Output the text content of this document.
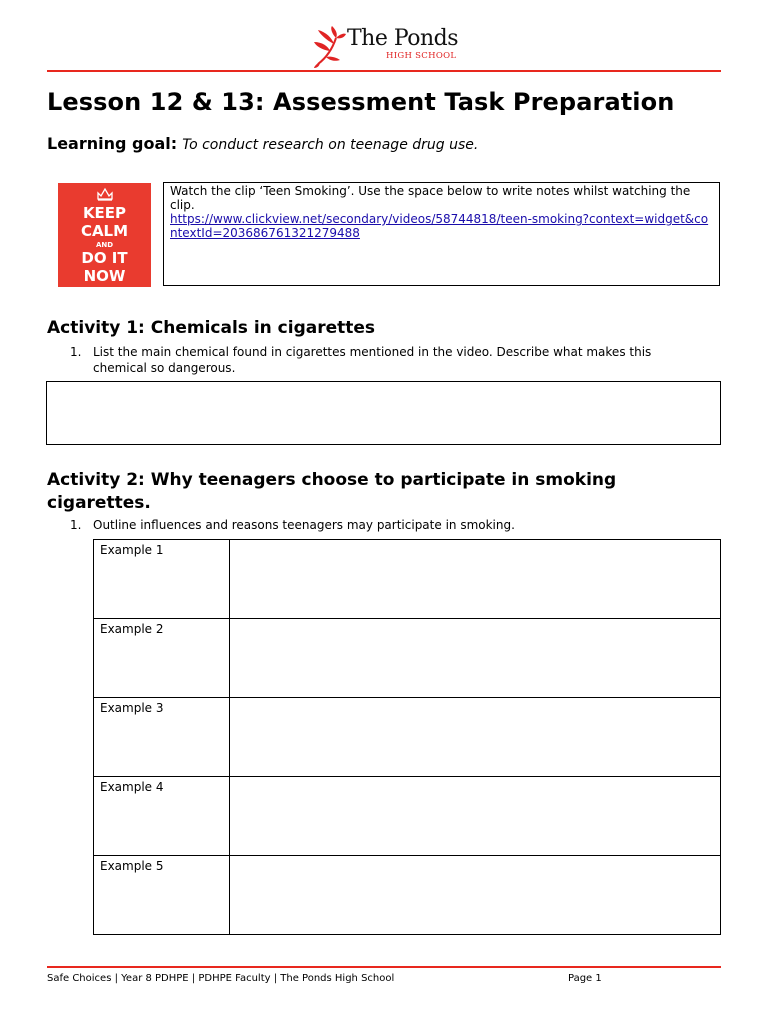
The Ponds
HIGH SCHOOL
Lesson 12 & 13: Assessment Task Preparation
Learning goal: To conduct research on teenage drug use.
KEEP
CALM
AND
DO IT
NOW
Watch the clip ‘Teen Smoking’. Use the space below to write notes whilst watching the clip.
https://www.clickview.net/secondary/videos/58744818/teen-smoking?context=widget&contextId=203686761321279488
Activity 1: Chemicals in cigarettes
1. List the main chemical found in cigarettes mentioned in the video. Describe what makes this chemical so dangerous.
Activity 2: Why teenagers choose to participate in smoking cigarettes.
1. Outline influences and reasons teenagers may participate in smoking.
Example 1	
Example 2	
Example 3	
Example 4	
Example 5	
Safe Choices | Year 8 PDHPE | PDHPE Faculty | The Ponds High School	Page 1
